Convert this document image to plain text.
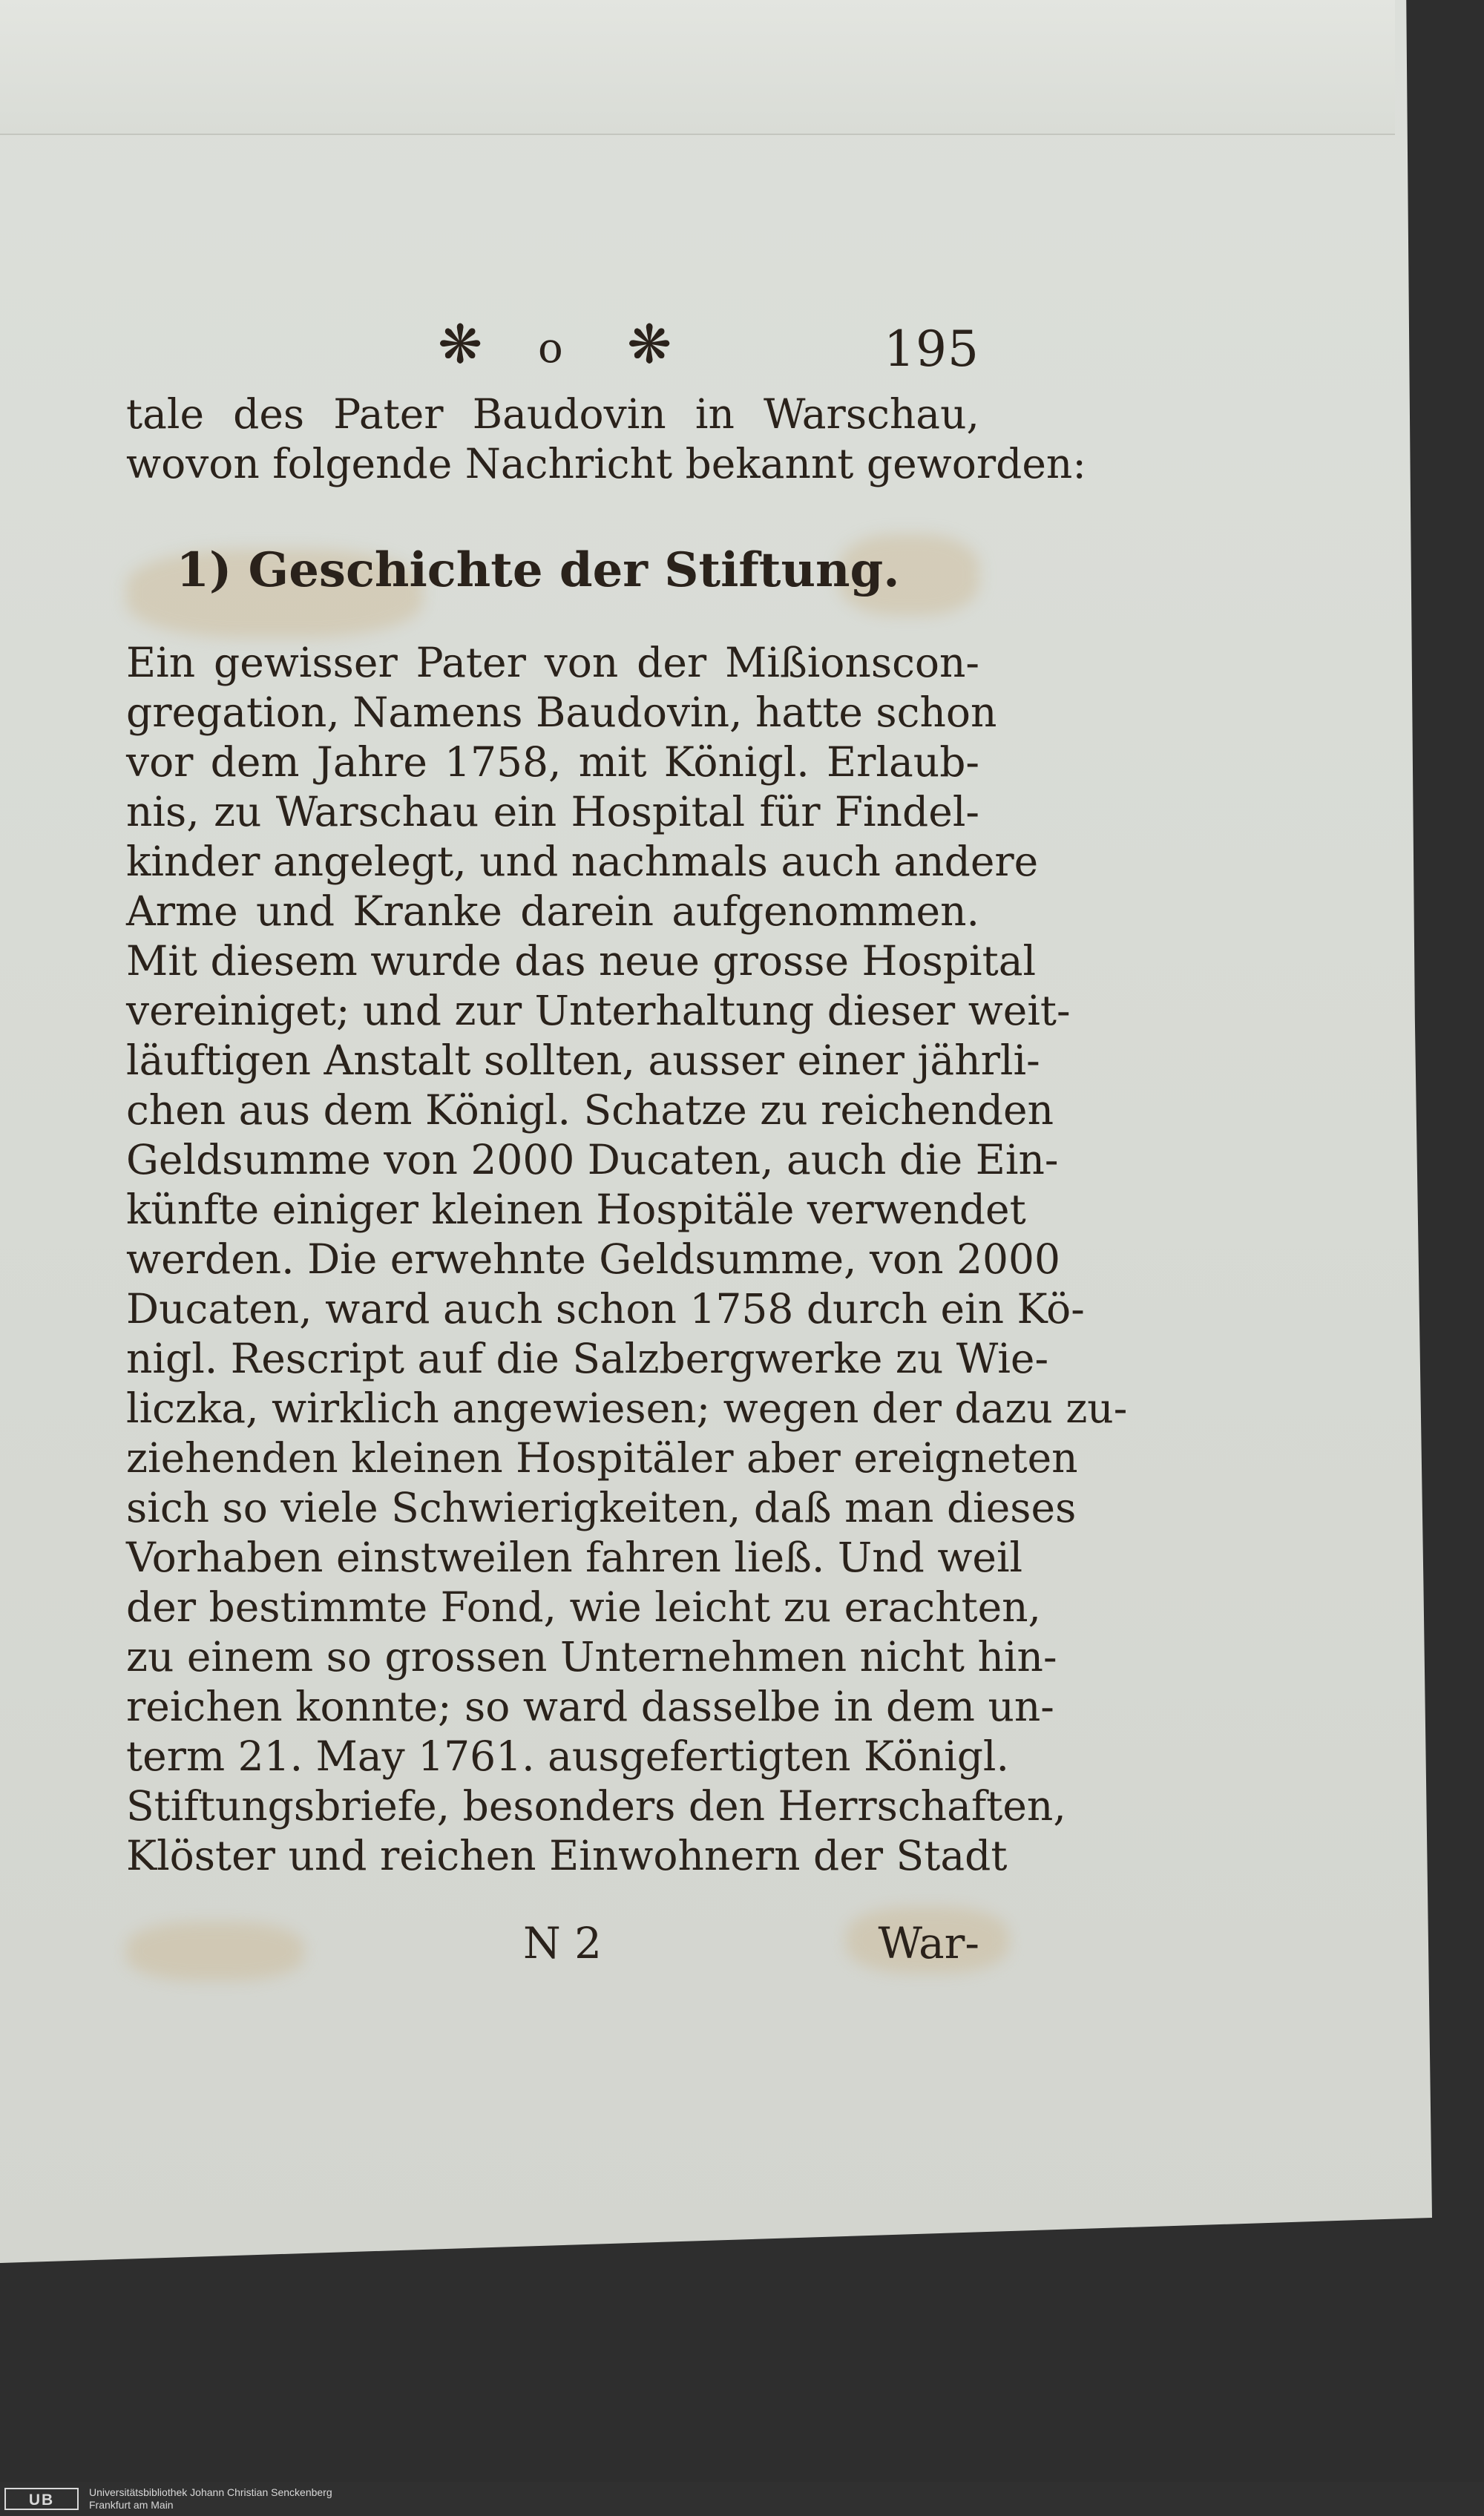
❋ o ❋	195
tale des Pater Baudovin in Warschau,
wovon folgende Nachricht bekannt geworden:
1) Geschichte der Stiftung.
Ein gewisser Pater von der Mißionscon-
gregation, Namens Baudovin, hatte schon
vor dem Jahre 1758, mit Königl. Erlaub-
nis, zu Warschau ein Hospital für Findel-
kinder angelegt, und nachmals auch andere
Arme und Kranke darein aufgenommen.
Mit diesem wurde das neue grosse Hospital
vereiniget; und zur Unterhaltung dieser weit-
läuftigen Anstalt sollten, ausser einer jährli-
chen aus dem Königl. Schatze zu reichenden
Geldsumme von 2000 Ducaten, auch die Ein-
künfte einiger kleinen Hospitäle verwendet
werden. Die erwehnte Geldsumme, von 2000
Ducaten, ward auch schon 1758 durch ein Kö-
nigl. Rescript auf die Salzbergwerke zu Wie-
liczka, wirklich angewiesen; wegen der dazu zu-
ziehenden kleinen Hospitäler aber ereigneten
sich so viele Schwierigkeiten, daß man dieses
Vorhaben einstweilen fahren ließ. Und weil
der bestimmte Fond, wie leicht zu erachten,
zu einem so grossen Unternehmen nicht hin-
reichen konnte; so ward dasselbe in dem un-
term 21. May 1761. ausgefertigten Königl.
Stiftungsbriefe, besonders den Herrschaften,
Klöster und reichen Einwohnern der Stadt
N 2	War-
UB	Universitätsbibliothek Johann Christian Senckenberg
Frankfurt am Main
